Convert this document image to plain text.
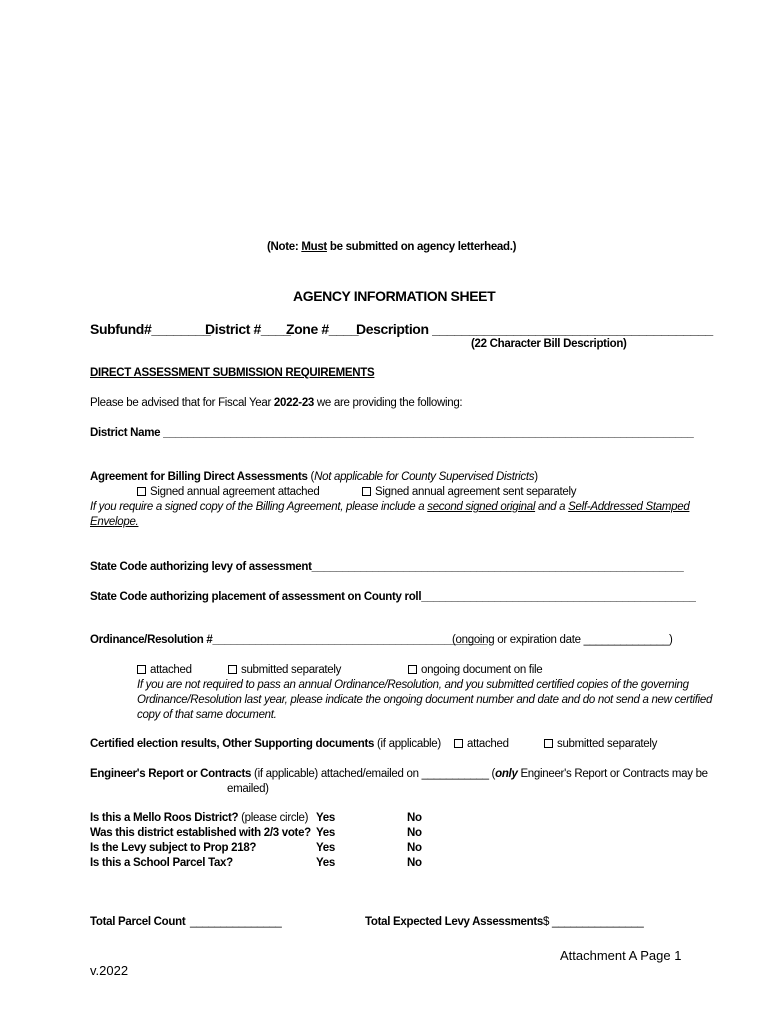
(Note: Must be submitted on agency letterhead.)
AGENCY INFORMATION SHEET
Subfund#________
District #____
Zone #____
Description ______________________________________
(22 Character Bill Description)
DIRECT ASSESSMENT SUBMISSION REQUIREMENTS
Please be advised that for Fiscal Year 2022-23 we are providing the following:
District Name _______________________________________________________________________________________
Agreement for Billing Direct Assessments (Not applicable for County Supervised Districts)
Signed annual agreement attached	Signed annual agreement sent separately
If you require a signed copy of the Billing Agreement, please include a second signed original and a Self-Addressed Stamped
Envelope.
State Code authorizing levy of assessment_____________________________________________________________
State Code authorizing placement of assessment on County roll_____________________________________________
Ordinance/Resolution #_____________________________________________
(ongoing or expiration date ______________)
attached	submitted separately	ongoing document on file
If you are not required to pass an annual Ordinance/Resolution, and you submitted certified copies of the governing
Ordinance/Resolution last year, please indicate the ongoing document number and date and do not send a new certified
copy of that same document.
Certified election results, Other Supporting documents (if applicable)	attached	submitted separately
Engineer's Report or Contracts (if applicable) attached/emailed on ___________ (only Engineer's Report or Contracts may be
emailed)
Is this a Mello Roos District? (please circle) Yes	No
Was this district established with 2/3 vote? Yes	No
Is the Levy subject to Prop 218?	Yes	No
Is this a School Parcel Tax?	Yes	No
Total Parcel Count _______________	Total Expected Levy Assessments $ _______________
Attachment A Page 1
v.2022
